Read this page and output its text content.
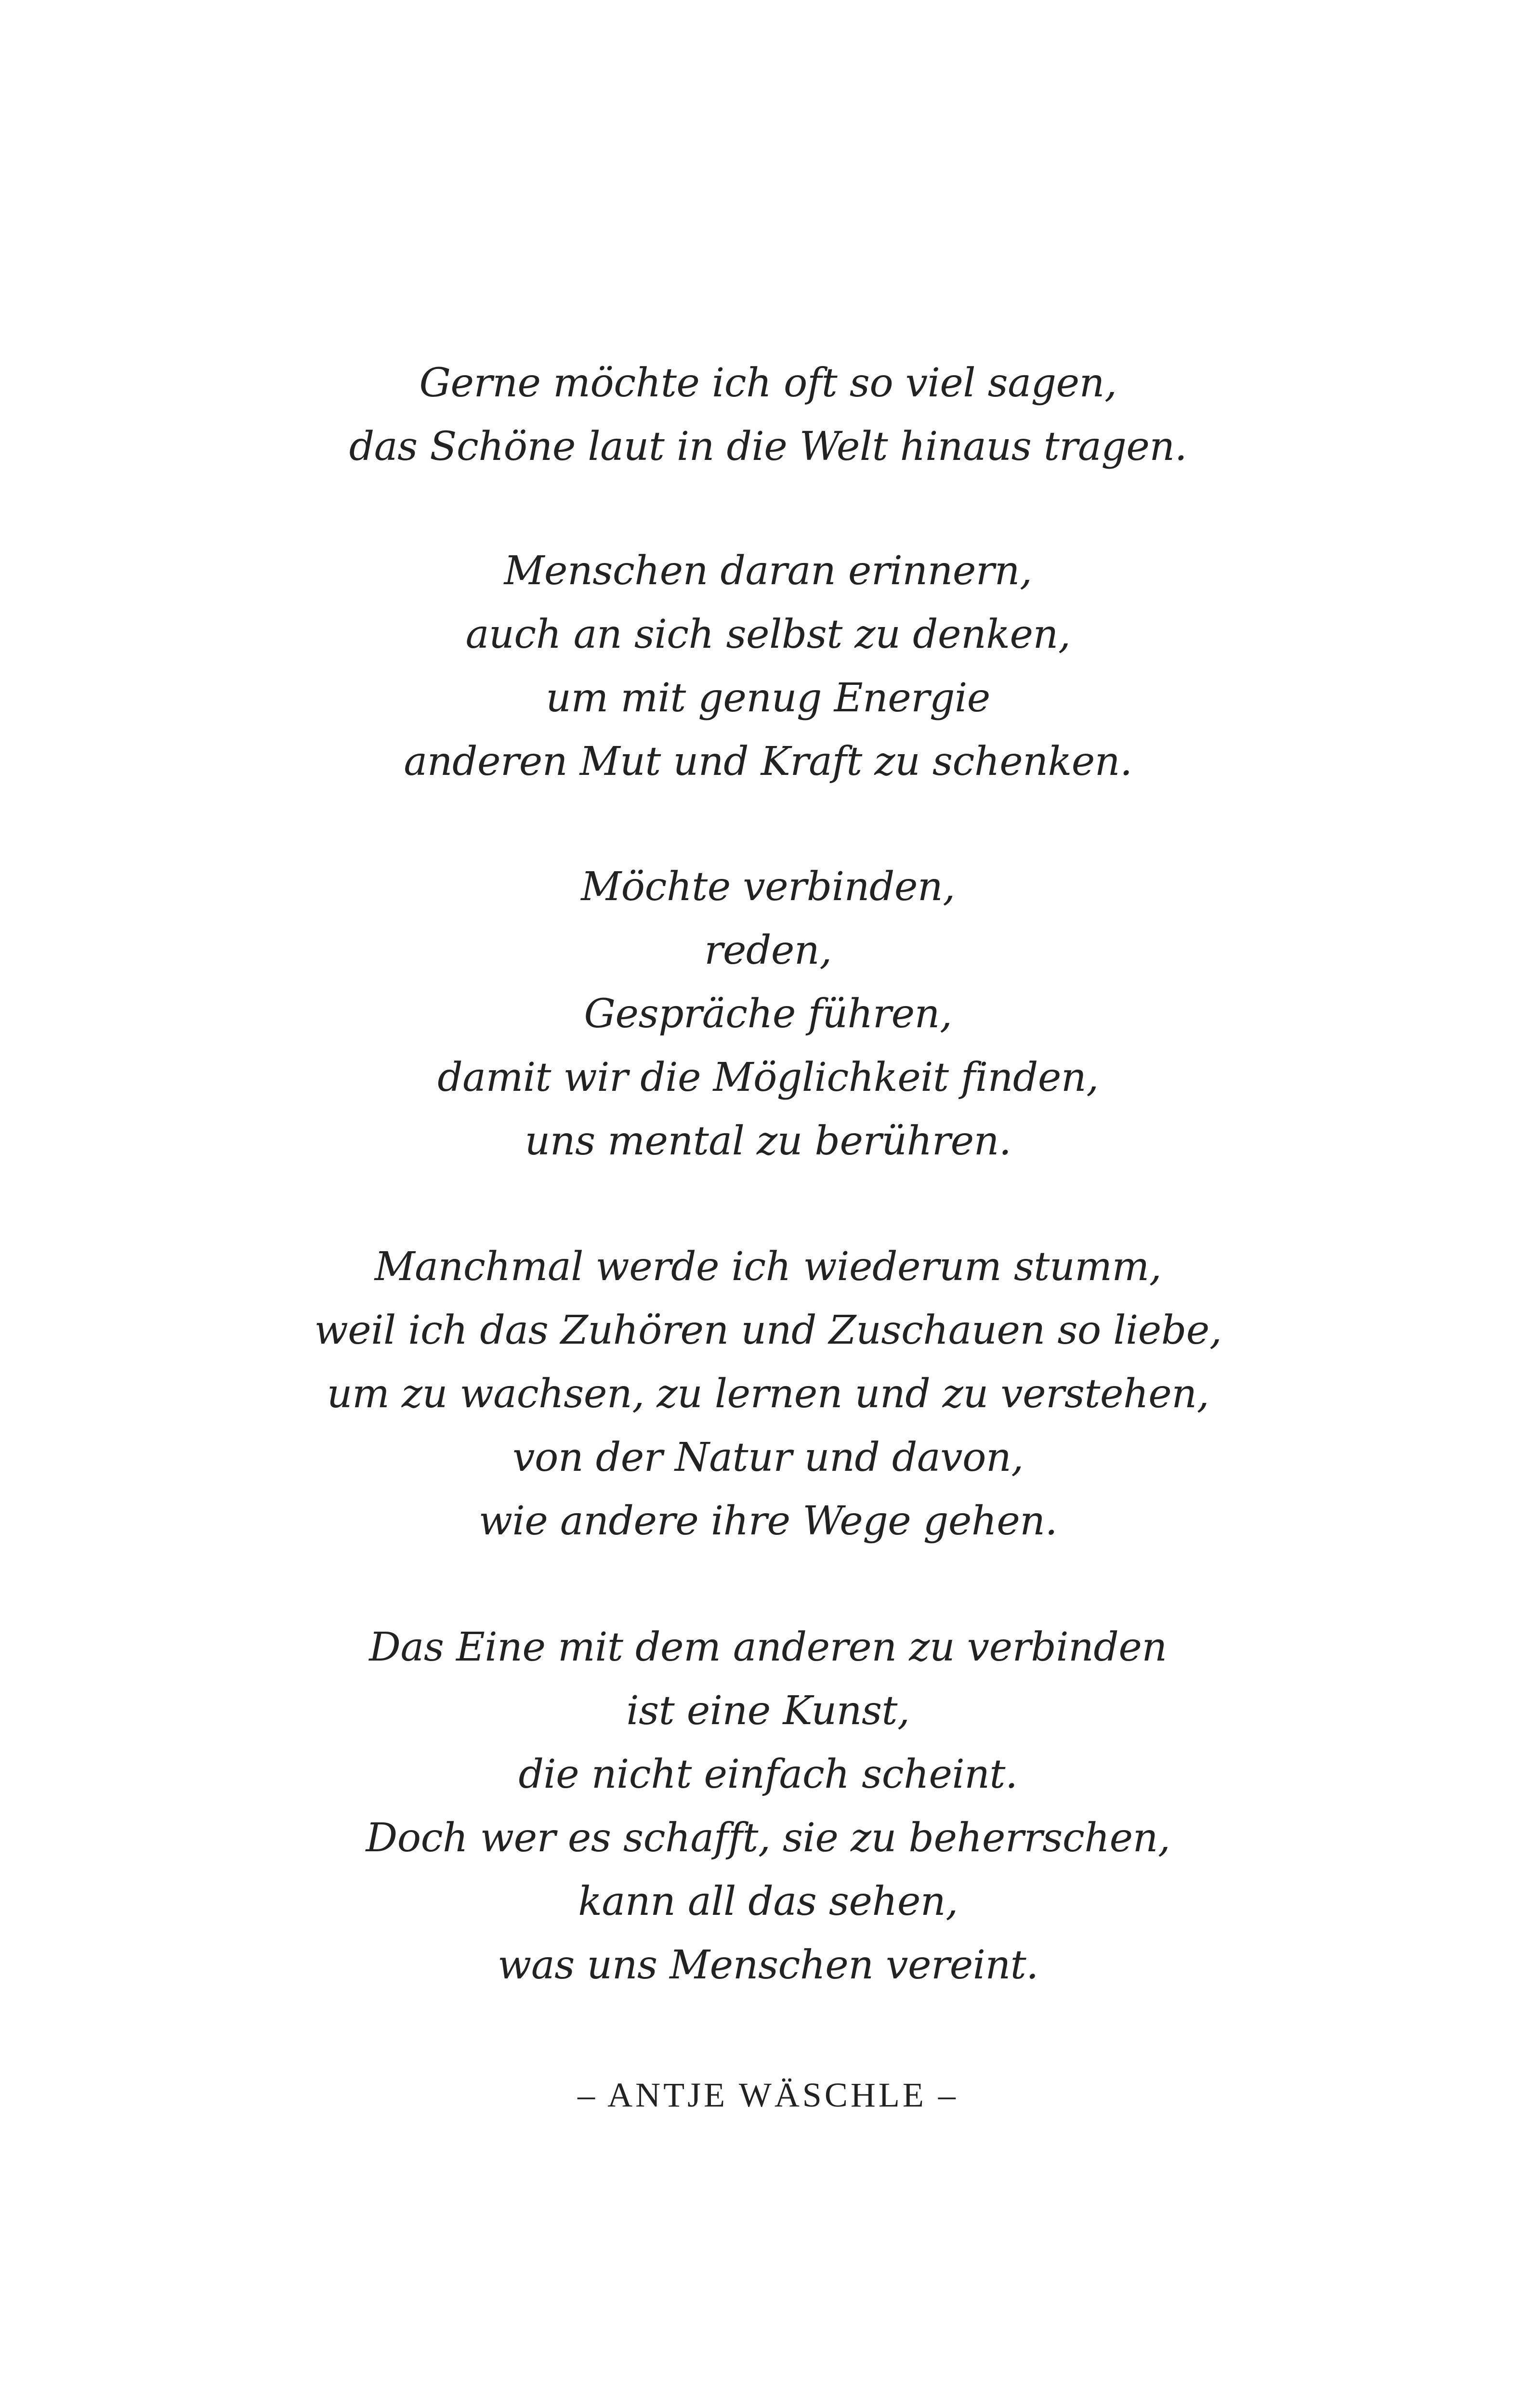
Gerne möchte ich oft so viel sagen,
das Schöne laut in die Welt hinaus tragen.
Menschen daran erinnern,
auch an sich selbst zu denken,
um mit genug Energie
anderen Mut und Kraft zu schenken.
Möchte verbinden,
reden,
Gespräche führen,
damit wir die Möglichkeit finden,
uns mental zu berühren.
Manchmal werde ich wiederum stumm,
weil ich das Zuhören und Zuschauen so liebe,
um zu wachsen, zu lernen und zu verstehen,
von der Natur und davon,
wie andere ihre Wege gehen.
Das Eine mit dem anderen zu verbinden
ist eine Kunst,
die nicht einfach scheint.
Doch wer es schafft, sie zu beherrschen,
kann all das sehen,
was uns Menschen vereint.
– ANTJE WÄSCHLE –
